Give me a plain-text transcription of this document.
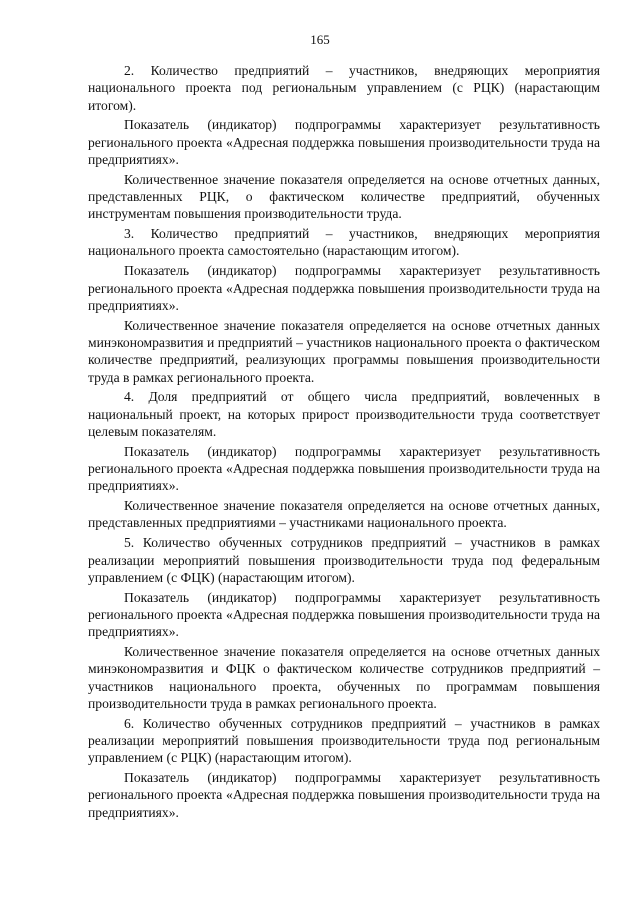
165

2. Количество предприятий – участников, внедряющих мероприятия национального проекта под региональным управлением (с РЦК) (нарастающим итогом).

Показатель (индикатор) подпрограммы характеризует результативность регионального проекта «Адресная поддержка повышения производительности труда на предприятиях».

Количественное значение показателя определяется на основе отчетных данных, представленных РЦК, о фактическом количестве предприятий, обученных инструментам повышения производительности труда.

3. Количество предприятий – участников, внедряющих мероприятия национального проекта самостоятельно (нарастающим итогом).

Показатель (индикатор) подпрограммы характеризует результативность регионального проекта «Адресная поддержка повышения производительности труда на предприятиях».

Количественное значение показателя определяется на основе отчетных данных минэкономразвития и предприятий – участников национального проекта о фактическом количестве предприятий, реализующих программы повышения производительности труда в рамках регионального проекта.

4. Доля предприятий от общего числа предприятий, вовлеченных в национальный проект, на которых прирост производительности труда соответствует целевым показателям.

Показатель (индикатор) подпрограммы характеризует результативность регионального проекта «Адресная поддержка повышения производительности труда на предприятиях».

Количественное значение показателя определяется на основе отчетных данных, представленных предприятиями – участниками национального проекта.

5. Количество обученных сотрудников предприятий – участников в рамках реализации мероприятий повышения производительности труда под федеральным управлением (с ФЦК) (нарастающим итогом).

Показатель (индикатор) подпрограммы характеризует результативность регионального проекта «Адресная поддержка повышения производительности труда на предприятиях».

Количественное значение показателя определяется на основе отчетных данных минэкономразвития и ФЦК о фактическом количестве сотрудников предприятий – участников национального проекта, обученных по программам повышения производительности труда в рамках регионального проекта.

6. Количество обученных сотрудников предприятий – участников в рамках реализации мероприятий повышения производительности труда под региональным управлением (с РЦК) (нарастающим итогом).

Показатель (индикатор) подпрограммы характеризует результативность регионального проекта «Адресная поддержка повышения производительности труда на предприятиях».
